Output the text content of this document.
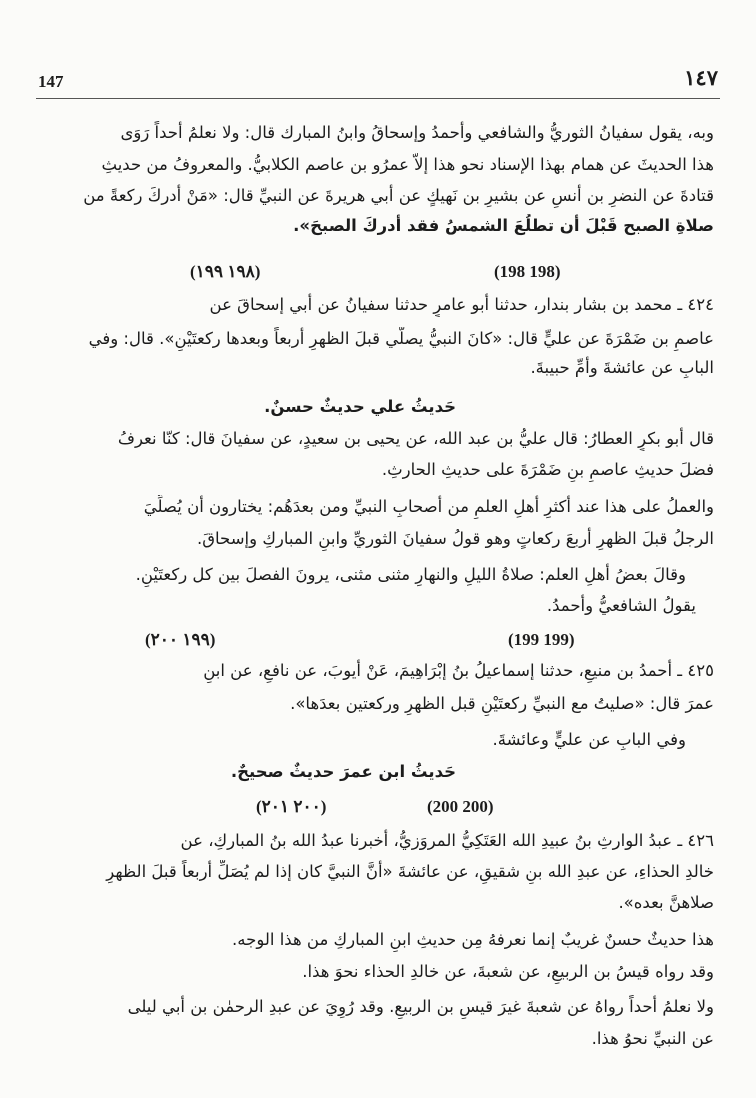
147	١٤٧
وبه، يقول سفيانُ الثوريُّ والشافعي وأحمدُ وإسحاقُ وابنُ المبارك قال: ولا نعلمُ أحداً رَوَى
هذا الحديثَ عن همام بهذا الإسناد نحو هذا إلاّ عمرُو بن عاصم الكلابيُّ. والمعروفُ من حديثِ
قتادةَ عن النضرِ بن أنسٍ عن بشيرِ بن نَهيكٍ عن أبي هريرةَ عن النبيِّ قال: «مَنْ أدركَ ركعةً من
صلاةِ الصبح قَبْلَ أن تطلُعَ الشمسُ فقد أدركَ الصبحَ».
(١٩٨ ١٩٩)	(198 198)
٤٢٤ ـ محمد بن بشار بندار، حدثنا أبو عامرٍ حدثنا سفيانُ عن أبي إسحاقَ عن
عاصمِ بن ضَمْرَةَ عن عليٍّ قال: «كانَ النبيُّ يصلّي قبلَ الظهرِ أربعاً وبعدها ركعتَيْنِ». قال: وفي
البابِ عن عائشةَ وأمِّ حبيبةَ.
حَديثُ علي حديثٌ حسنٌ.
قال أبو بكرٍ العطارُ: قال عليُّ بن عبد الله، عن يحيى بن سعيدٍ، عن سفيانَ قال: كنّا نعرفُ
فضلَ حديثِ عاصمِ بنِ ضَمْرَةَ على حديثِ الحارثِ.
والعملُ على هذا عند أكثرِ أهلِ العلمِ من أصحابِ النبيِّ ومن بعدَهُم: يختارون أن يُصلِّيَ
الرجلُ قبلَ الظهرِ أربعَ ركعاتٍ وهو قولُ سفيانَ الثوريِّ وابنِ المباركِ وإسحاقَ.
وقالَ بعضُ أهلِ العلم: صلاةُ الليلِ والنهارِ مثنى مثنى، يرونَ الفصلَ بين كل ركعتَيْنِ.
يقولُ الشافعيُّ وأحمدُ.
(١٩٩ ٢٠٠)	(199 199)
٤٢٥ ـ أحمدُ بن منيعٍ، حدثنا إسماعيلُ بنُ إبْرَاهِيمَ، عَنْ أيوبَ، عن نافعٍ، عن ابنِ
عمرَ قال: «صليتُ مع النبيِّ ركعتَيْنِ قبل الظهرِ وركعتين بعدَها».
وفي البابِ عن عليٍّ وعائشةَ.
حَديثُ ابن عمرَ حديثٌ صحيحٌ.
(٢٠٠ ٢٠١)	(200 200)
٤٢٦ ـ عبدُ الوارثِ بنُ عبيدِ الله العَتَكِيُّ المروَزيُّ، أخبرنا عبدُ الله بنُ المباركِ، عن
خالدِ الحذاءِ، عن عبدِ الله بنِ شقيقٍ، عن عائشةَ «أنَّ النبيَّ كان إذا لم يُصَلِّ أربعاً قبلَ الظهرِ
صلاهنَّ بعده».
هذا حديثٌ حسنٌ غريبٌ إنما نعرفهُ مِن حديثِ ابنِ المباركِ من هذا الوجه.
وقد رواه قيسُ بن الربيعِ، عن شعبةَ، عن خالدِ الحذاء نحوَ هذا.
ولا نعلمُ أحداً رواهُ عن شعبةَ غيرَ قيسِ بن الربيعِ. وقد رُوِيَ عن عبدِ الرحمٰن بن أبي ليلى
عن النبيِّ نحوُ هذا.
